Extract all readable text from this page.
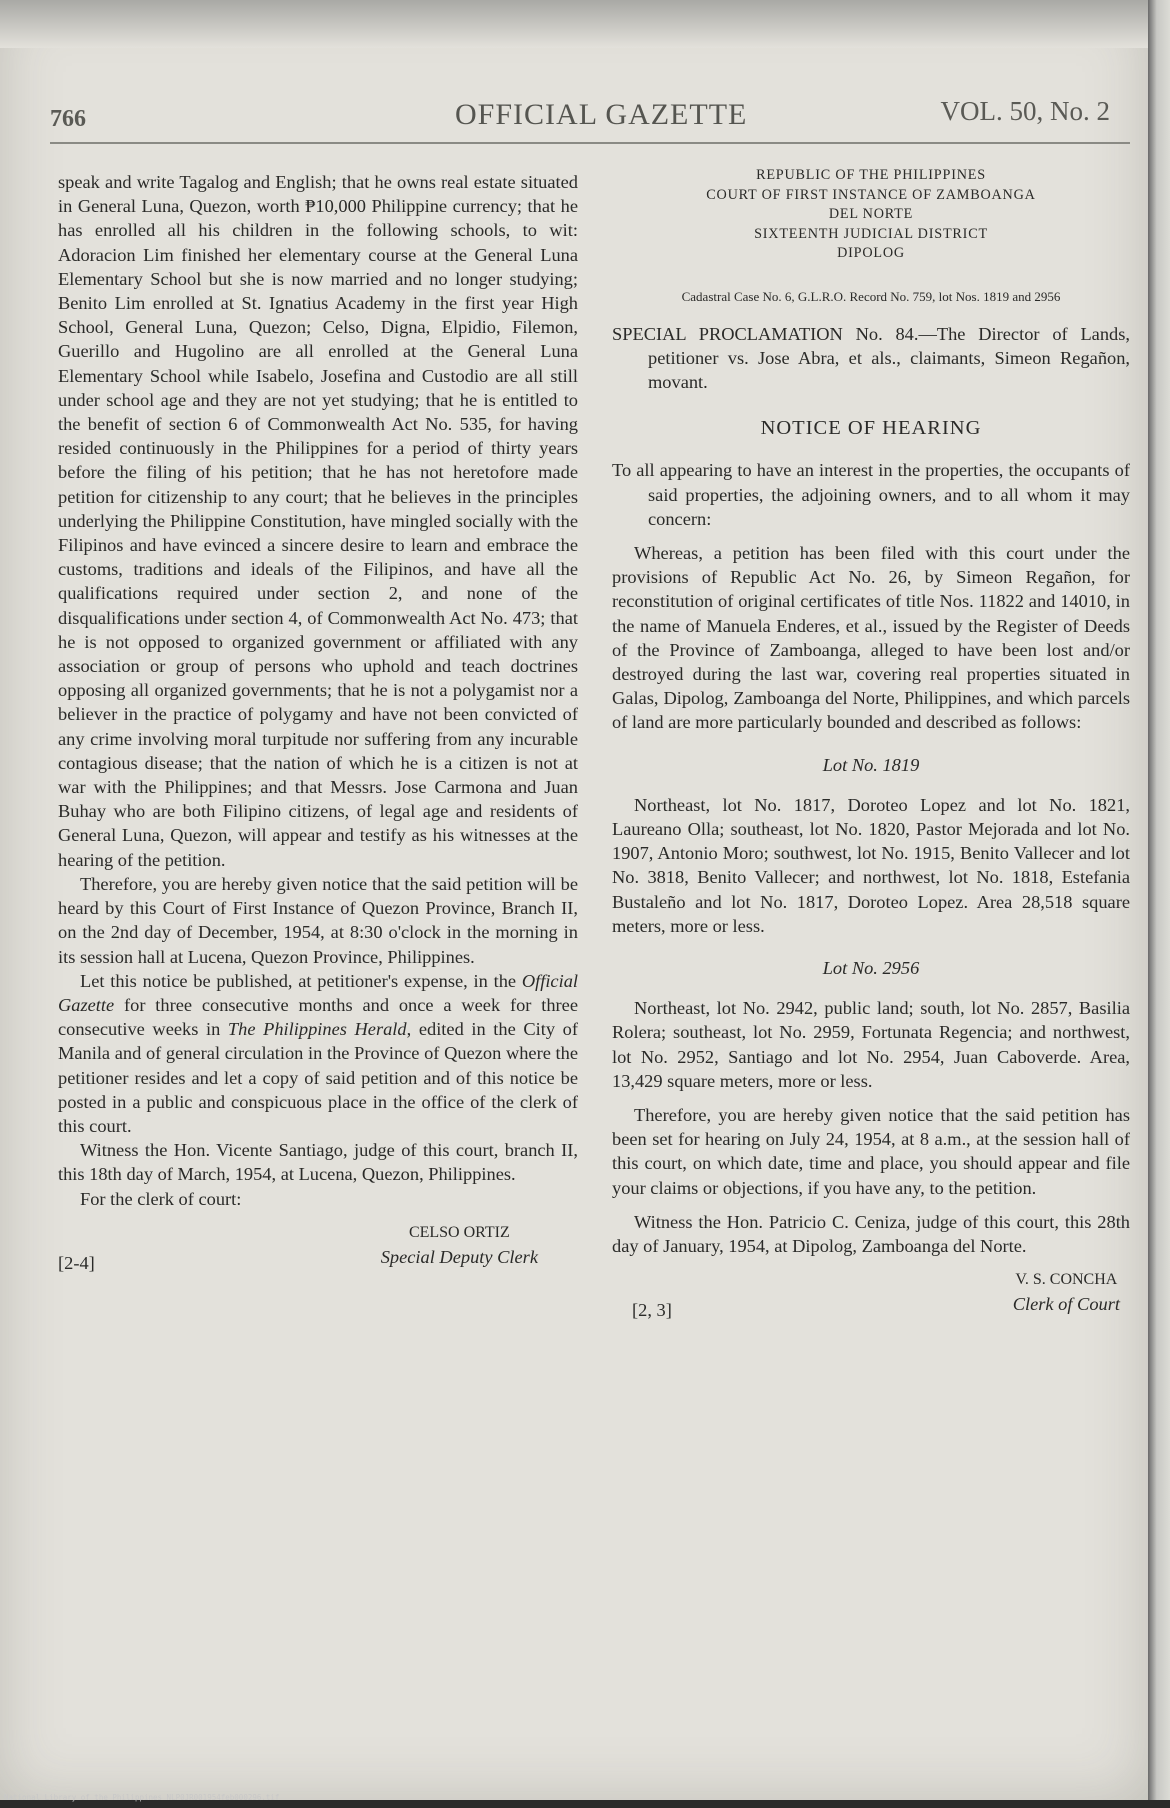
766	OFFICIAL GAZETTE	VOL. 50, No. 2

speak and write Tagalog and English; that he owns real estate situated in General Luna, Quezon, worth ₱10,000 Philippine currency; that he has enrolled all his children in the following schools, to wit: Adoracion Lim finished her elementary course at the General Luna Elementary School but she is now married and no longer studying; Benito Lim enrolled at St. Ignatius Academy in the first year High School, General Luna, Quezon; Celso, Digna, Elpidio, Filemon, Guerillo and Hugolino are all enrolled at the General Luna Elementary School while Isabelo, Josefina and Custodio are all still under school age and they are not yet studying; that he is entitled to the benefit of section 6 of Commonwealth Act No. 535, for having resided continuously in the Philippines for a period of thirty years before the filing of his petition; that he has not heretofore made petition for citizenship to any court; that he believes in the principles underlying the Philippine Constitution, have mingled socially with the Filipinos and have evinced a sincere desire to learn and embrace the customs, traditions and ideals of the Filipinos, and have all the qualifications required under section 2, and none of the disqualifications under section 4, of Commonwealth Act No. 473; that he is not opposed to organized government or affiliated with any association or group of persons who uphold and teach doctrines opposing all organized governments; that he is not a polygamist nor a believer in the practice of polygamy and have not been convicted of any crime involving moral turpitude nor suffering from any incurable contagious disease; that the nation of which he is a citizen is not at war with the Philippines; and that Messrs. Jose Carmona and Juan Buhay who are both Filipino citizens, of legal age and residents of General Luna, Quezon, will appear and testify as his witnesses at the hearing of the petition.

Therefore, you are hereby given notice that the said petition will be heard by this Court of First Instance of Quezon Province, Branch II, on the 2nd day of December, 1954, at 8:30 o'clock in the morning in its session hall at Lucena, Quezon Province, Philippines.

Let this notice be published, at petitioner's expense, in the Official Gazette for three consecutive months and once a week for three consecutive weeks in The Philippines Herald, edited in the City of Manila and of general circulation in the Province of Quezon where the petitioner resides and let a copy of said petition and of this notice be posted in a public and conspicuous place in the office of the clerk of this court.

Witness the Hon. Vicente Santiago, judge of this court, branch II, this 18th day of March, 1954, at Lucena, Quezon, Philippines.

For the clerk of court:

[2-4]
CELSO ORTIZ
Special Deputy Clerk
REPUBLIC OF THE PHILIPPINES
COURT OF FIRST INSTANCE OF ZAMBOANGA
DEL NORTE
SIXTEENTH JUDICIAL DISTRICT
DIPOLOG

Cadastral Case No. 6, G.L.R.O. Record No. 759, lot Nos. 1819 and 2956

SPECIAL PROCLAMATION No. 84.—The Director of Lands, petitioner vs. Jose Abra, et als., claimants, Simeon Regañon, movant.

NOTICE OF HEARING

To all appearing to have an interest in the properties, the occupants of said properties, the adjoining owners, and to all whom it may concern:

Whereas, a petition has been filed with this court under the provisions of Republic Act No. 26, by Simeon Regañon, for reconstitution of original certificates of title Nos. 11822 and 14010, in the name of Manuela Enderes, et al., issued by the Register of Deeds of the Province of Zamboanga, alleged to have been lost and/or destroyed during the last war, covering real properties situated in Galas, Dipolog, Zamboanga del Norte, Philippines, and which parcels of land are more particularly bounded and described as follows:

Lot No. 1819

Northeast, lot No. 1817, Doroteo Lopez and lot No. 1821, Laureano Olla; southeast, lot No. 1820, Pastor Mejorada and lot No. 1907, Antonio Moro; southwest, lot No. 1915, Benito Vallecer and lot No. 3818, Benito Vallecer; and northwest, lot No. 1818, Estefania Bustaleño and lot No. 1817, Doroteo Lopez. Area 28,518 square meters, more or less.

Lot No. 2956

Northeast, lot No. 2942, public land; south, lot No. 2857, Basilia Rolera; southeast, lot No. 2959, Fortunata Regencia; and northwest, lot No. 2952, Santiago and lot No. 2954, Juan Caboverde. Area, 13,429 square meters, more or less.

Therefore, you are hereby given notice that the said petition has been set for hearing on July 24, 1954, at 8 a.m., at the session hall of this court, on which date, time and place, you should appear and file your claims or objections, if you have any, to the petition.

Witness the Hon. Patricio C. Ceniza, judge of this court, this 28th day of January, 1954, at Dipolog, Zamboanga del Norte.

[2, 3]
V. S. CONCHA
Clerk of Court
National Library of the Philippines NLP0JR001954feb000296.tif
